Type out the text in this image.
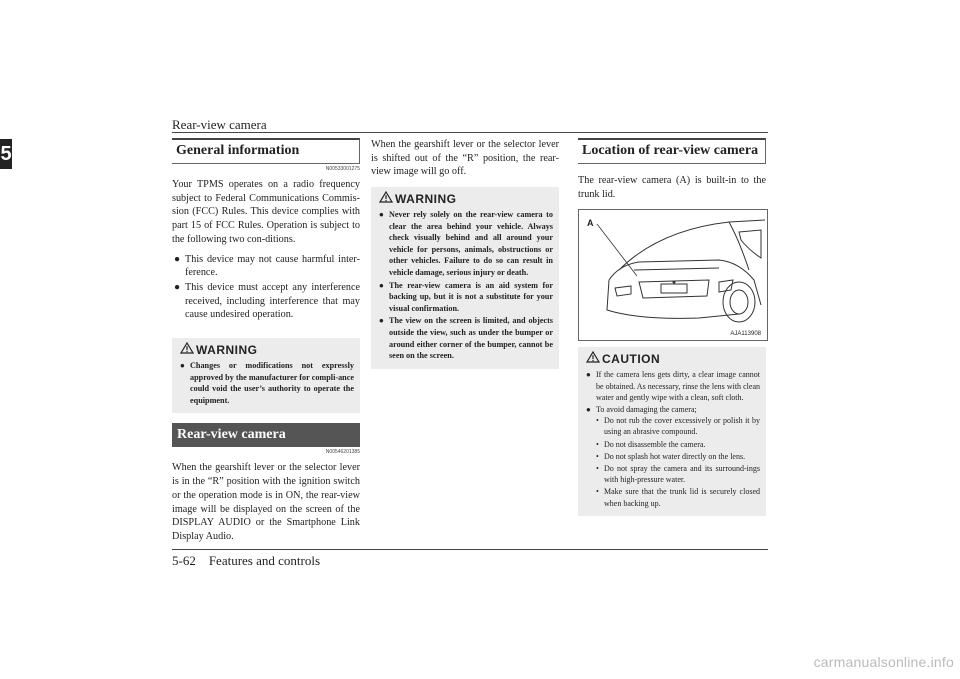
Rear-view camera
5	General information
N00533001275

Your TPMS operates on a radio frequency subject to Federal Communications Commis-sion (FCC) Rules. This device complies with part 15 of FCC Rules. Operation is subject to the following two con-ditions.

● This device may not cause harmful inter-ference.
● This device must accept any interference received, including interference that may cause undesired operation.
WARNING
● Changes or modifications not expressly approved by the manufacturer for compli-ance could void the user’s authority to operate the equipment.
Rear-view camera
N00546201385

When the gearshift lever or the selector lever is in the “R” position with the ignition switch or the operation mode is in ON, the rear-view image will be displayed on the screen of the DISPLAY AUDIO or the Smartphone Link Display Audio.

When the gearshift lever or the selector lever is shifted out of the “R” position, the rear-view image will go off.

WARNING
● Never rely solely on the rear-view camera to clear the area behind your vehicle. Always check visually behind and all around your vehicle for persons, animals, obstructions or other vehicles. Failure to do so can result in vehicle damage, serious injury or death.
● The rear-view camera is an aid system for backing up, but it is not a substitute for your visual confirmation.
● The view on the screen is limited, and objects outside the view, such as under the bumper or around either corner of the bumper, cannot be seen on the screen.
Location of rear-view camera

The rear-view camera (A) is built-in to the trunk lid.

A
AJA113908
CAUTION
● If the camera lens gets dirty, a clear image cannot be obtained. As necessary, rinse the lens with clean water and gently wipe with a clean, soft cloth.
● To avoid damaging the camera;
• Do not rub the cover excessively or polish it by using an abrasive compound.
• Do not disassemble the camera.
• Do not splash hot water directly on the lens.
• Do not spray the camera and its surround-ings with high-pressure water.
• Make sure that the trunk lid is securely closed when backing up.
5-62    Features and controls
carmanualsonline.info
